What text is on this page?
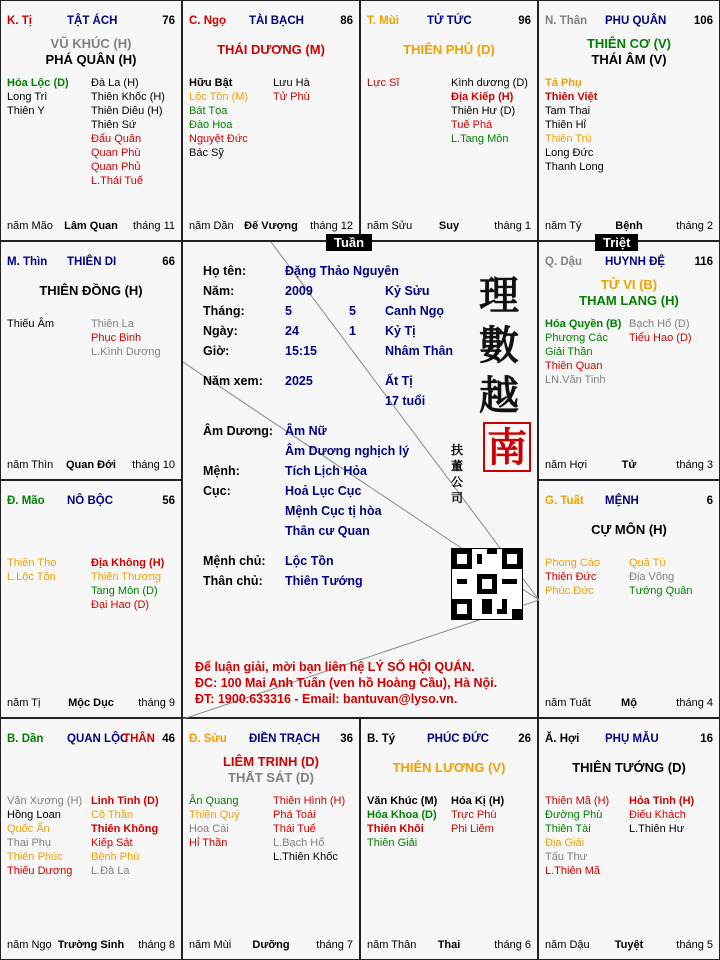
K. Tị	TẬT ÁCH	76
VŨ KHÚC (H)
PHÁ QUÂN (H)
Hóa Lộc (D)
Long Trì
Thiên Y
Đà La (H)
Thiên Khốc (H)
Thiên Diêu (H)
Thiên Sứ
Đẩu Quân
Quan Phù
Quan Phủ
L.Thái Tuế
năm Mão	Lâm Quan	tháng 11
C. Ngọ TÀI BẠCH	86
THÁI DƯƠNG (M)
Hữu Bật
Lộc Tồn (M)
Bát Tọa
Đào Hoa
Nguyệt Đức
Bác Sỹ
Lưu Hà
Tử Phù
năm Dần Đế Vượng	tháng 12
T. Mùi TỬ TỨC	96
THIÊN PHỦ (D)
Lực Sĩ	Kình dương (D)
Địa Kiếp (H)
Thiên Hư (D)
Tuế Phá
L.Tang Môn
năm Sửu	Suy	tháng 1
N. Thân PHU QUÂN 106
THIÊN CƠ (V)
THÁI ÂM (V)
Tả Phụ
Thiên Việt
Tam Thai
Thiên Hỉ
Thiên Trù
Long Đức
Thanh Long
năm Tý	Bệnh	tháng 2
Q. Dậu HUYNH ĐỆ	116
TỬ VI (B)
THAM LANG (H)
Hóa Quyền (B)
Phượng Các
Giải Thần
Thiên Quan
LN.Văn Tinh
Bạch Hổ (D)
Tiểu Hao (D)
năm Hợi	Tử	tháng 3
G. Tuất MỆNH	6
CỰ MÔN (H)
Phong Cáo
Thiên Đức
Phúc Đức
Quả Tú
Địa Võng
Tướng Quân
năm Tuất	Mộ	tháng 4
Ă. Hợi PHỤ MẪU	16
THIÊN TƯỚNG (D)
Thiên Mã (H)
Đường Phù
Thiên Tài
Địa Giải
Tấu Thư
L.Thiên Mã
Hỏa Tinh (H)
Điếu Khách
L.Thiên Hư
năm Dậu	Tuyệt	tháng 5
B. Tý	PHÚC ĐỨC	26
THIÊN LƯƠNG (V)
Văn Khúc (M)
Hóa Khoa (D)
Thiên Khôi
Thiên Giải
Hóa Kị (H)
Trực Phù
Phi Liêm
năm Thân	Thai	tháng 6
Đ. Sửu ĐIỀN TRẠCH 36
LIÊM TRINH (D)
THẤT SÁT (D)
Ân Quang
Thiên Quý
Hoa Cái
Hỉ Thần
Thiên Hình (H)
Phá Toái
Thái Tuế
L.Bạch Hổ
L.Thiên Khốc
năm Mùi	Dưỡng	tháng 7
B. Dần QUAN LỘC
THÂN 46
Văn Xương (H)
Hồng Loan
Quốc Ấn
Thai Phụ
Thiên Phúc
Thiếu Dương
Linh Tinh (D)
Cô Thần
Thiên Không
Kiếp Sát
Bệnh Phù
L.Đà La
năm Ngọ Trường Sinh	tháng 8
Đ. Mão NÔ BỘC	56
Thiên Thọ
L.Lộc Tồn
Địa Không (H)
Thiên Thương
Tang Môn (D)
Đại Hao (D)
năm Tị	Mộc Dục	tháng 9
M. Thìn THIÊN DI	66
THIÊN ĐỒNG (H)
Thiếu Âm	Thiên La
Phục Binh
L.Kình Dương
năm Thìn	Quan Đới	tháng 10
Họ tên:	Đặng Thảo Nguyên
Năm:	2009	Kỷ Sửu
Tháng:	5	5 Canh Ngọ
Ngày:	24	1 Kỷ Tị
Giờ:	15:15	Nhâm Thân
Năm xem: 2025	Ất Tị
17 tuổi
Âm Dương: Âm Nữ
Âm Dương nghịch lý
Mệnh:	Tích Lịch Hỏa
Cục:	Hoả Lục Cục
Mệnh Cục tị hòa
Thân cư Quan
Mệnh chủ: Lộc Tồn
Thân chủ: Thiên Tướng
理
數
越
南
扶董公司
Để luận giải, mời bạn liên hệ LÝ SỐ HỘI QUÁN.
ĐC: 100 Mai Anh Tuấn (ven hồ Hoàng Cầu), Hà Nội.
ĐT: 1900.633316 - Email: bantuvan@lyso.vn.
Tuần	Triệt
